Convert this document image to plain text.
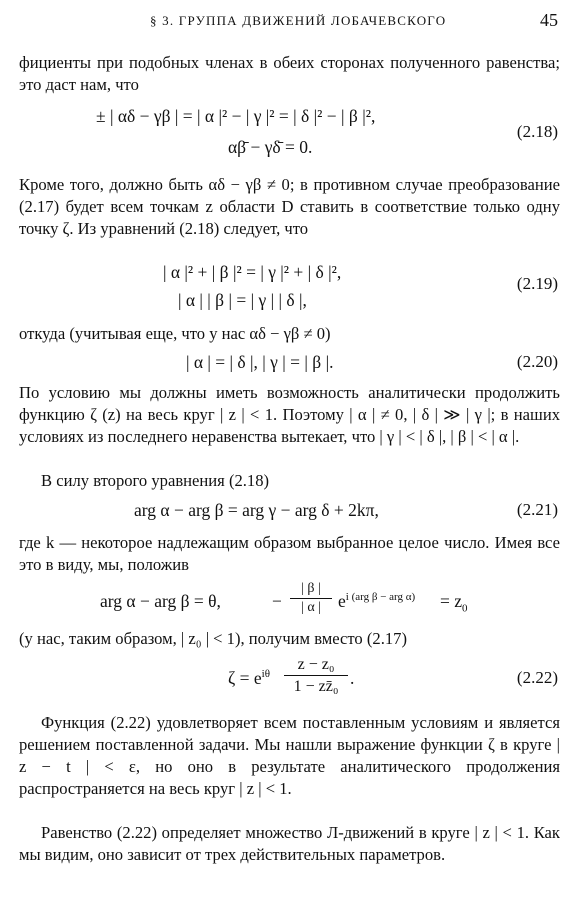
§ 3. ГРУППА ДВИЖЕНИЙ ЛОБАЧЕВСКОГО	45

фициенты при подобных членах в обеих сторонах полученного равенства; это даст нам, что

± | αδ − γβ | = | α |² − | γ |² = | δ |² − | β |²,
αβ̄ − γδ̄ = 0.
(2.18)

Кроме того, должно быть αδ − γβ ≠ 0; в противном случае преобразование (2.17) будет всем точкам z области D ставить в соответствие только одну точку ζ. Из уравнений (2.18) следует, что

| α |² + | β |² = | γ |² + | δ |²,
| α | | β | = | γ | | δ |,
(2.19)

откуда (учитывая еще, что у нас αδ − γβ ≠ 0)

| α | = | δ |, | γ | = | β |.	(2.20)

По условию мы должны иметь возможность аналитически продолжить функцию ζ (z) на весь круг | z | < 1. Поэтому | α | ≠ 0, | δ | ≫ | γ |; в наших условиях из последнего неравенства вытекает, что | γ | < | δ |, | β | < | α |.

В силу второго уравнения (2.18)

arg α − arg β = arg γ − arg δ + 2kπ,	(2.21)

где k — некоторое надлежащим образом выбранное целое число. Имея все это в виду, мы, положив

arg α − arg β = θ,	−
| β |
| α | $e^{i (arg \beta - arg \alpha)} = z_0$

(у нас, таким образом, | z₀ | < 1), получим вместо (2.17)

$\zeta = e^{i\theta}$
z − z₀
1 − zz̄₀ .	(2.22)

Функция (2.22) удовлетворяет всем поставленным условиям и является решением поставленной задачи. Мы нашли выражение функции ζ в круге | z − t | < ε, но оно в результате аналитического продолжения распространяется на весь круг | z | < 1.

Равенство (2.22) определяет множество Л-движений в круге | z | < 1. Как мы видим, оно зависит от трех действительных параметров.
